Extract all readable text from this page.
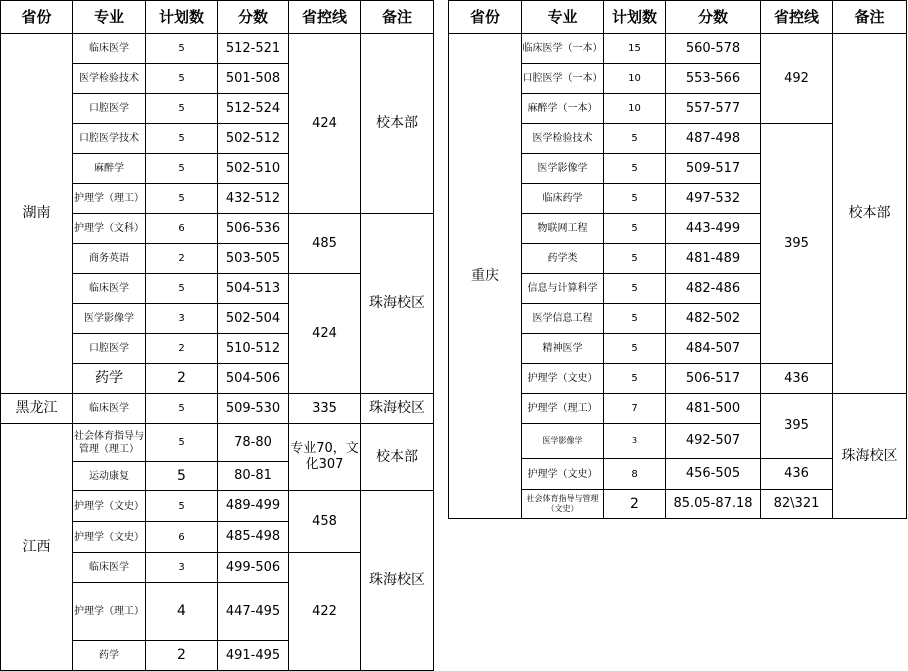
省份	专业	计划数	分数	省控线	备注
湖南	临床医学	5	512-521	424	校本部
	医学检验技术	5	501-508		
	口腔医学	5	512-524		
	口腔医学技术	5	502-512		
	麻醉学	5	502-510		
	护理学（理工）	5	432-512		
	护理学（文科）	6	506-536	485	珠海校区
	商务英语	2	503-505		
	临床医学	5	504-513	424	
	医学影像学	3	502-504		
	口腔医学	2	510-512		
	药学	2	504-506		
黑龙江	临床医学	5	509-530	335	珠海校区
江西	社会体育指导与管理（理工）	5	78-80	专业70，文化307	校本部
	运动康复	5	80-81		
	护理学（文史）	5	489-499	458	珠海校区
	护理学（文史）	6	485-498		
	临床医学	3	499-506	422	
	护理学（理工）	4	447-495		
	药学	2	491-495		
省份	专业	计划数	分数	省控线	备注
重庆	临床医学（一本）	15	560-578	492	校本部
	口腔医学（一本）	10	553-566		
	麻醉学（一本）	10	557-577		
	医学检验技术	5	487-498	395	
	医学影像学	5	509-517		
	临床药学	5	497-532		
	物联网工程	5	443-499		
	药学类	5	481-489		
	信息与计算科学	5	482-486		
	医学信息工程	5	482-502		
	精神医学	5	484-507		
	护理学（文史）	5	506-517	436	
	护理学（理工）	7	481-500	395	珠海校区
	医学影像学	3	492-507		
	护理学（文史）	8	456-505	436	
	社会体育指导与管理（文史）	2	85.05-87.18	82\321	
